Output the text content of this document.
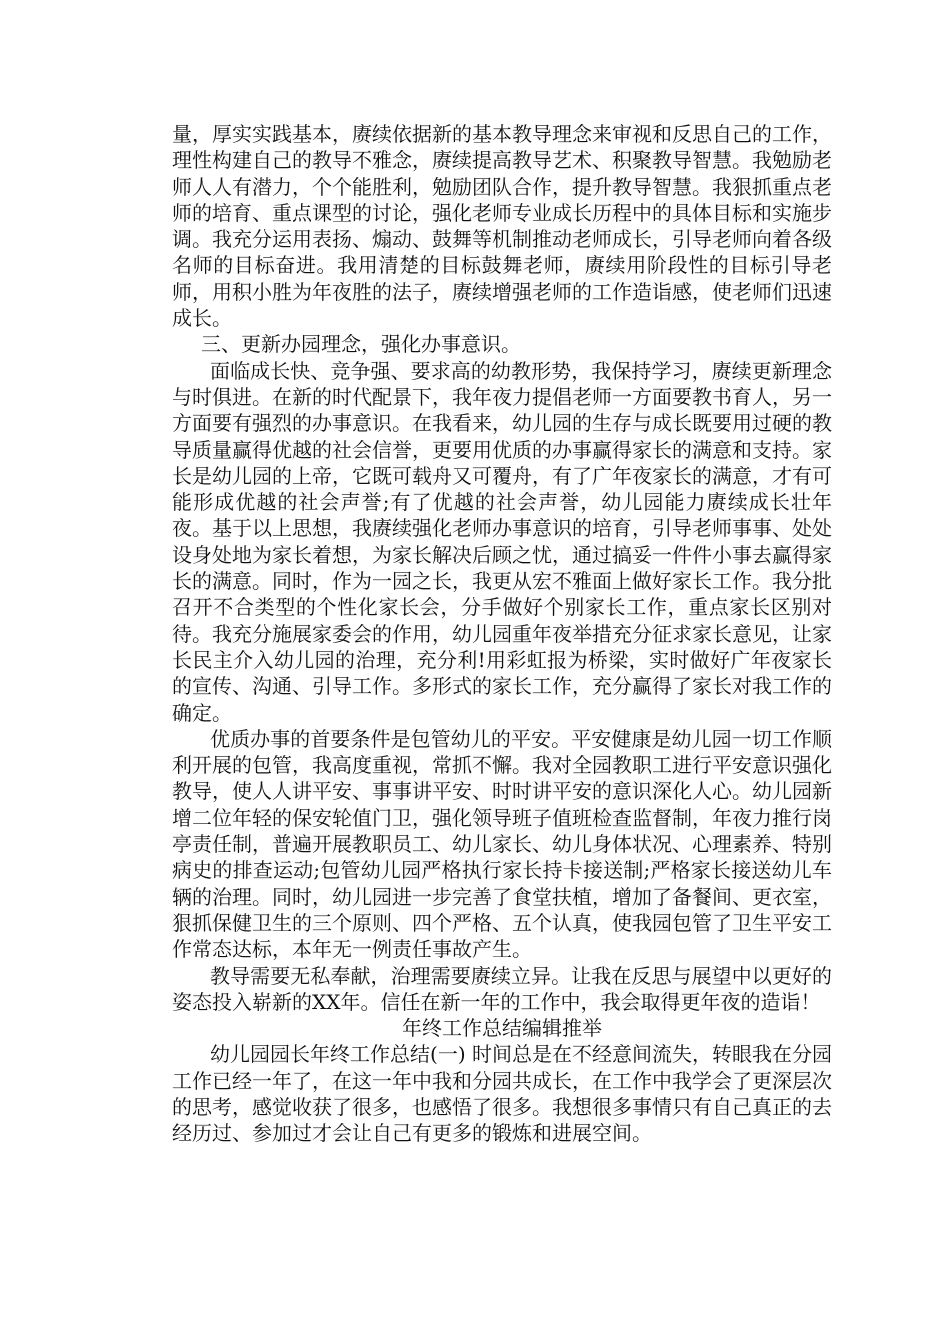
量，厚实实践基本，赓续依据新的基本教导理念来审视和反思自己的工作，理性构建自己的教导不雅念，赓续提高教导艺术、积聚教导智慧。我勉励老师人人有潜力，个个能胜利，勉励团队合作，提升教导智慧。我狠抓重点老师的培育、重点课型的讨论，强化老师专业成长历程中的具体目标和实施步调。我充分运用表扬、煽动、鼓舞等机制推动老师成长，引导老师向着各级名师的目标奋进。我用清楚的目标鼓舞老师，赓续用阶段性的目标引导老师，用积小胜为年夜胜的法子，赓续增强老师的工作造诣感，使老师们迅速成长。

三、更新办园理念，强化办事意识。

面临成长快、竞争强、要求高的幼教形势，我保持学习，赓续更新理念与时俱进。在新的时代配景下，我年夜力提倡老师一方面要教书育人，另一方面要有强烈的办事意识。在我看来，幼儿园的生存与成长既要用过硬的教导质量赢得优越的社会信誉，更要用优质的办事赢得家长的满意和支持。家长是幼儿园的上帝，它既可载舟又可覆舟，有了广年夜家长的满意，才有可能形成优越的社会声誉;有了优越的社会声誉，幼儿园能力赓续成长壮年夜。基于以上思想，我赓续强化老师办事意识的培育，引导老师事事、处处设身处地为家长着想，为家长解决后顾之忧，通过搞妥一件件小事去赢得家长的满意。同时，作为一园之长，我更从宏不雅面上做好家长工作。我分批召开不合类型的个性化家长会，分手做好个别家长工作，重点家长区别对待。我充分施展家委会的作用，幼儿园重年夜举措充分征求家长意见，让家长民主介入幼儿园的治理，充分利!用彩虹报为桥梁，实时做好广年夜家长的宣传、沟通、引导工作。多形式的家长工作，充分赢得了家长对我工作的确定。

优质办事的首要条件是包管幼儿的平安。平安健康是幼儿园一切工作顺利开展的包管，我高度重视，常抓不懈。我对全园教职工进行平安意识强化教导，使人人讲平安、事事讲平安、时时讲平安的意识深化人心。幼儿园新增二位年轻的保安轮值门卫，强化领导班子值班检查监督制，年夜力推行岗亭责任制，普遍开展教职员工、幼儿家长、幼儿身体状况、心理素养、特别病史的排查运动;包管幼儿园严格执行家长持卡接送制;严格家长接送幼儿车辆的治理。同时，幼儿园进一步完善了食堂扶植，增加了备餐间、更衣室，狠抓保健卫生的三个原则、四个严格、五个认真，使我园包管了卫生平安工作常态达标，本年无一例责任事故产生。

教导需要无私奉献，治理需要赓续立异。让我在反思与展望中以更好的姿态投入崭新的XX年。信任在新一年的工作中，我会取得更年夜的造诣！

年终工作总结编辑推举

幼儿园园长年终工作总结(一) 时间总是在不经意间流失，转眼我在分园工作已经一年了，在这一年中我和分园共成长，在工作中我学会了更深层次的思考，感觉收获了很多，也感悟了很多。我想很多事情只有自己真正的去经历过、参加过才会让自己有更多的锻炼和进展空间。
